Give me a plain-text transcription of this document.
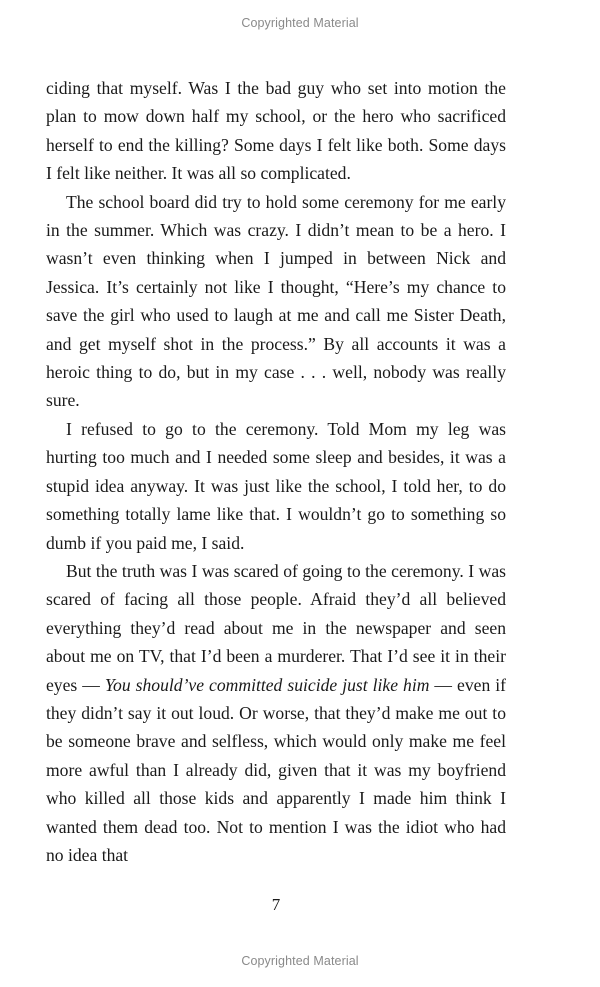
Copyrighted Material

ciding that myself. Was I the bad guy who set into motion the plan to mow down half my school, or the hero who sacrificed herself to end the killing? Some days I felt like both. Some days I felt like neither. It was all so complicated.

The school board did try to hold some ceremony for me early in the summer. Which was crazy. I didn’t mean to be a hero. I wasn’t even thinking when I jumped in between Nick and Jessica. It’s certainly not like I thought, “Here’s my chance to save the girl who used to laugh at me and call me Sister Death, and get myself shot in the process.” By all accounts it was a heroic thing to do, but in my case . . . well, nobody was really sure.

I refused to go to the ceremony. Told Mom my leg was hurting too much and I needed some sleep and besides, it was a stupid idea anyway. It was just like the school, I told her, to do something totally lame like that. I wouldn’t go to something so dumb if you paid me, I said.

But the truth was I was scared of going to the ceremony. I was scared of facing all those people. Afraid they’d all believed everything they’d read about me in the newspaper and seen about me on TV, that I’d been a murderer. That I’d see it in their eyes — You should’ve committed suicide just like him — even if they didn’t say it out loud. Or worse, that they’d make me out to be someone brave and selfless, which would only make me feel more awful than I already did, given that it was my boyfriend who killed all those kids and apparently I made him think I wanted them dead too. Not to mention I was the idiot who had no idea that

7
Copyrighted Material
